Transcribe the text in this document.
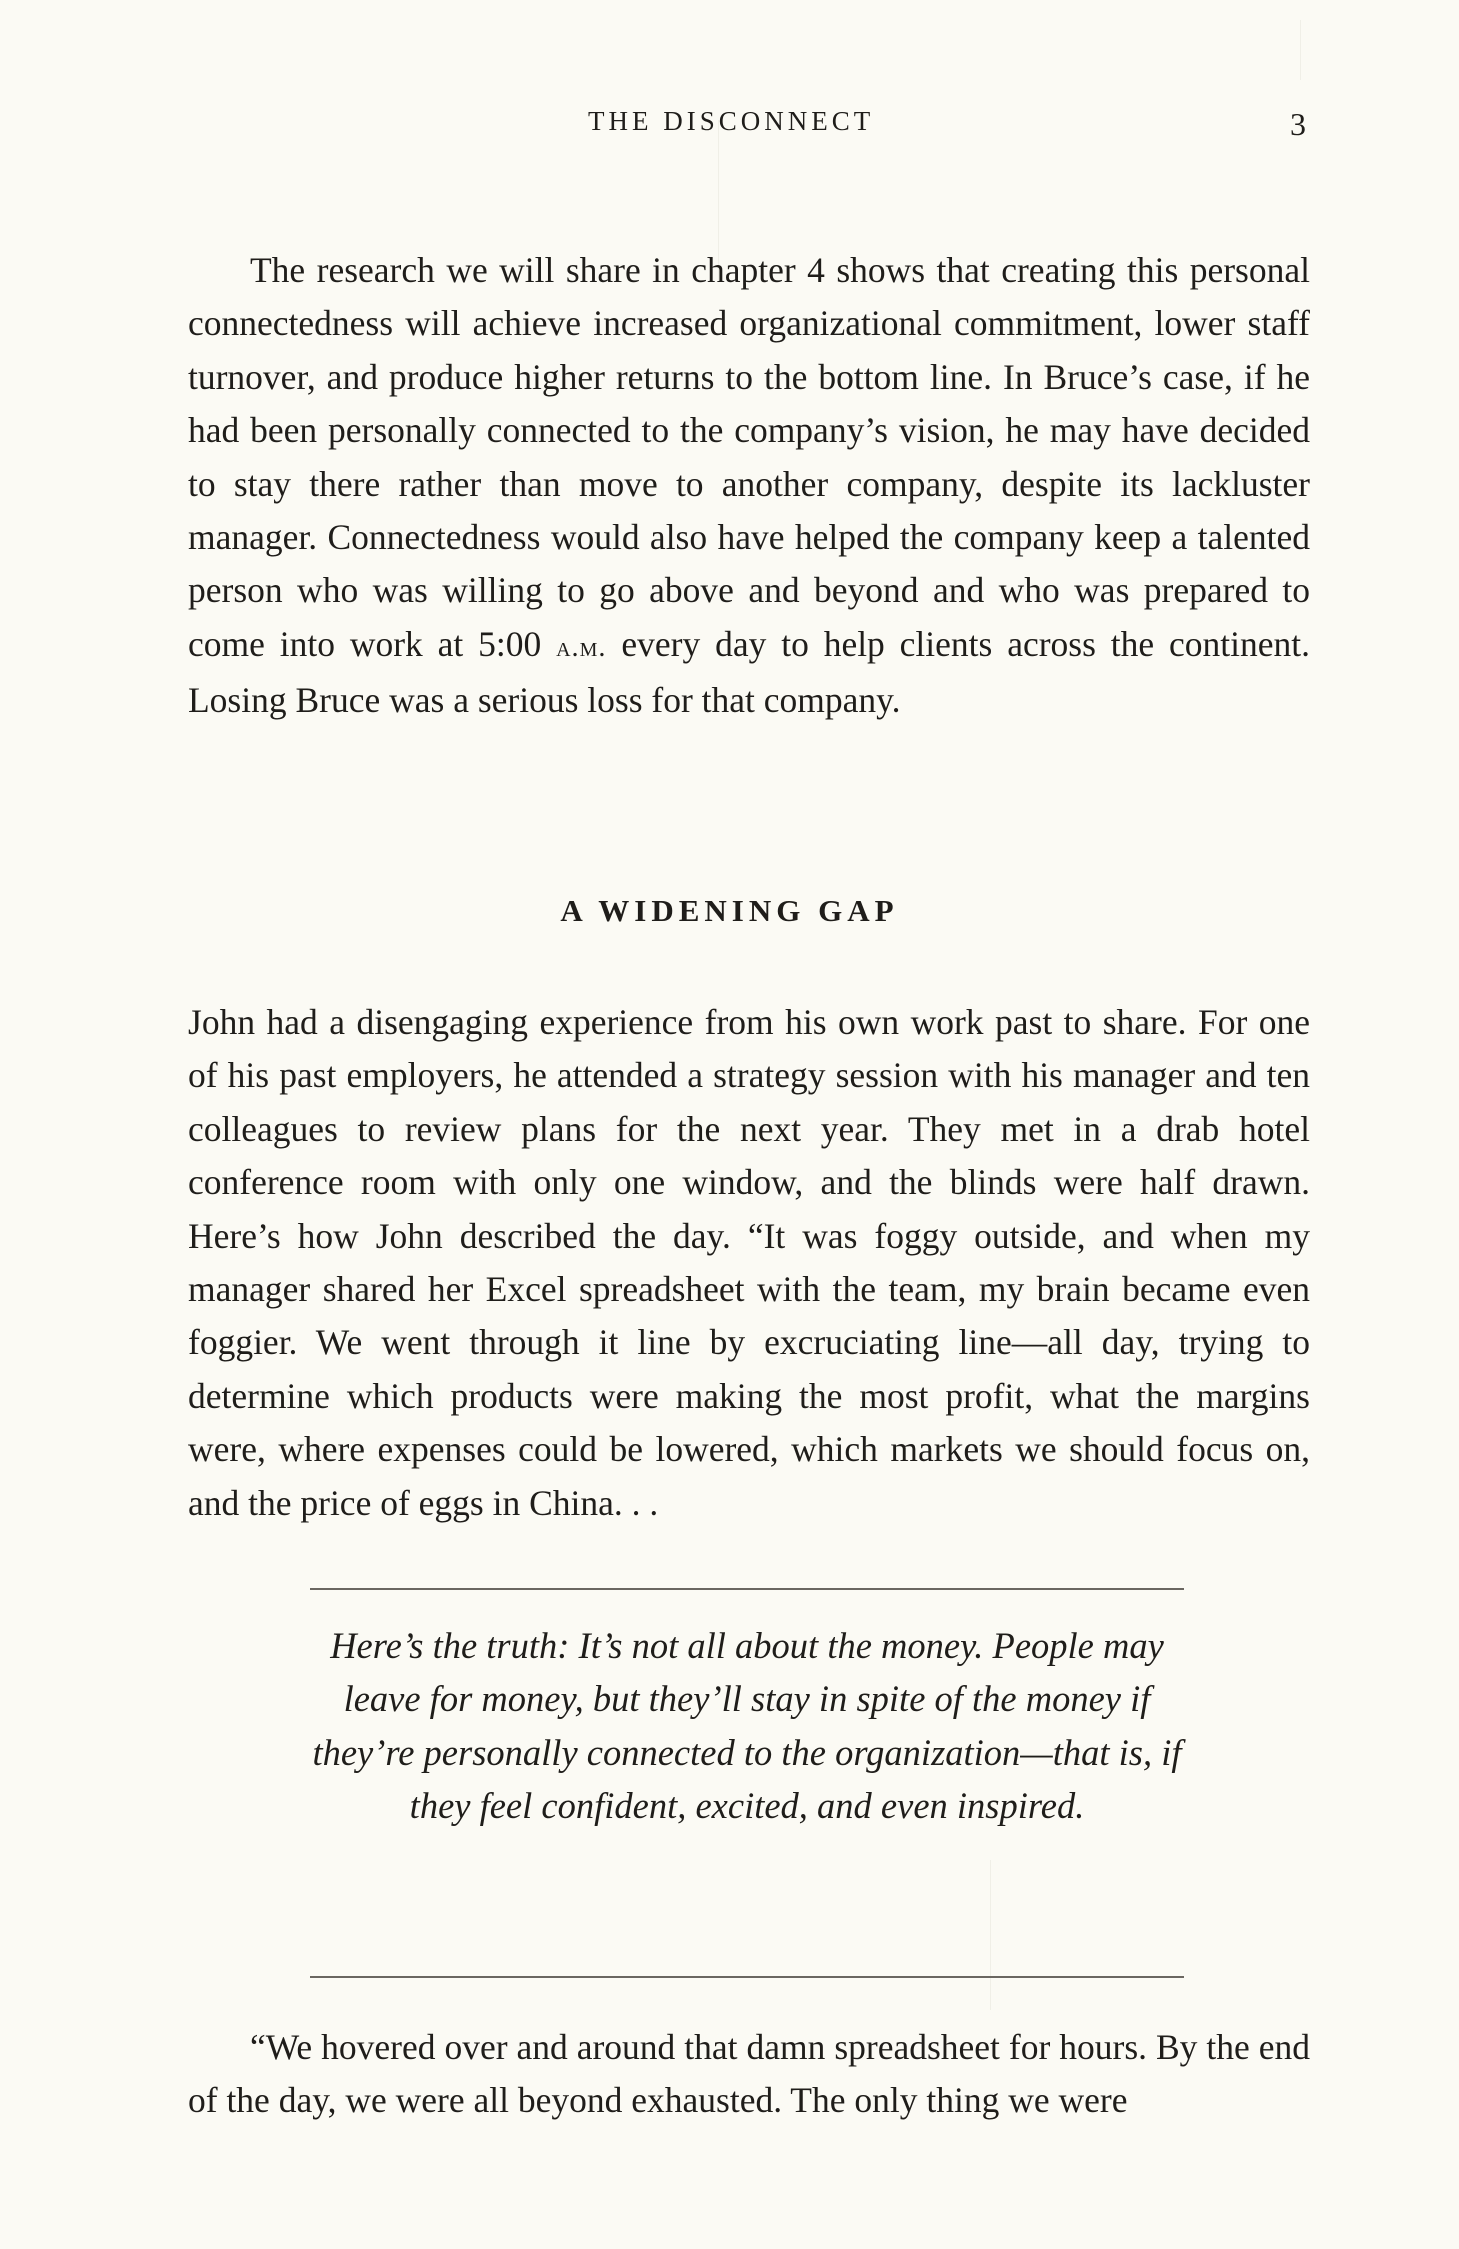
THE DISCONNECT	3

The research we will share in chapter 4 shows that creating this personal connectedness will achieve increased organizational commitment, lower staff turnover, and produce higher returns to the bottom line. In Bruce’s case, if he had been personally connected to the company’s vision, he may have decided to stay there rather than move to another company, despite its lackluster manager. Connectedness would also have helped the company keep a talented person who was willing to go above and beyond and who was prepared to come into work at 5:00 a.m. every day to help clients across the continent. Losing Bruce was a serious loss for that company.

A WIDENING GAP

John had a disengaging experience from his own work past to share. For one of his past employers, he attended a strategy session with his manager and ten colleagues to review plans for the next year. They met in a drab hotel conference room with only one window, and the blinds were half drawn. Here’s how John described the day. “It was foggy outside, and when my manager shared her Excel spreadsheet with the team, my brain became even foggier. We went through it line by excruciating line—all day, trying to determine which products were making the most profit, what the margins were, where expenses could be lowered, which markets we should focus on, and the price of eggs in China. . .

Here’s the truth: It’s not all about the money. People may leave for money, but they’ll stay in spite of the money if they’re personally connected to the organization—that is, if they feel confident, excited, and even inspired.

“We hovered over and around that damn spreadsheet for hours. By the end of the day, we were all beyond exhausted. The only thing we were
